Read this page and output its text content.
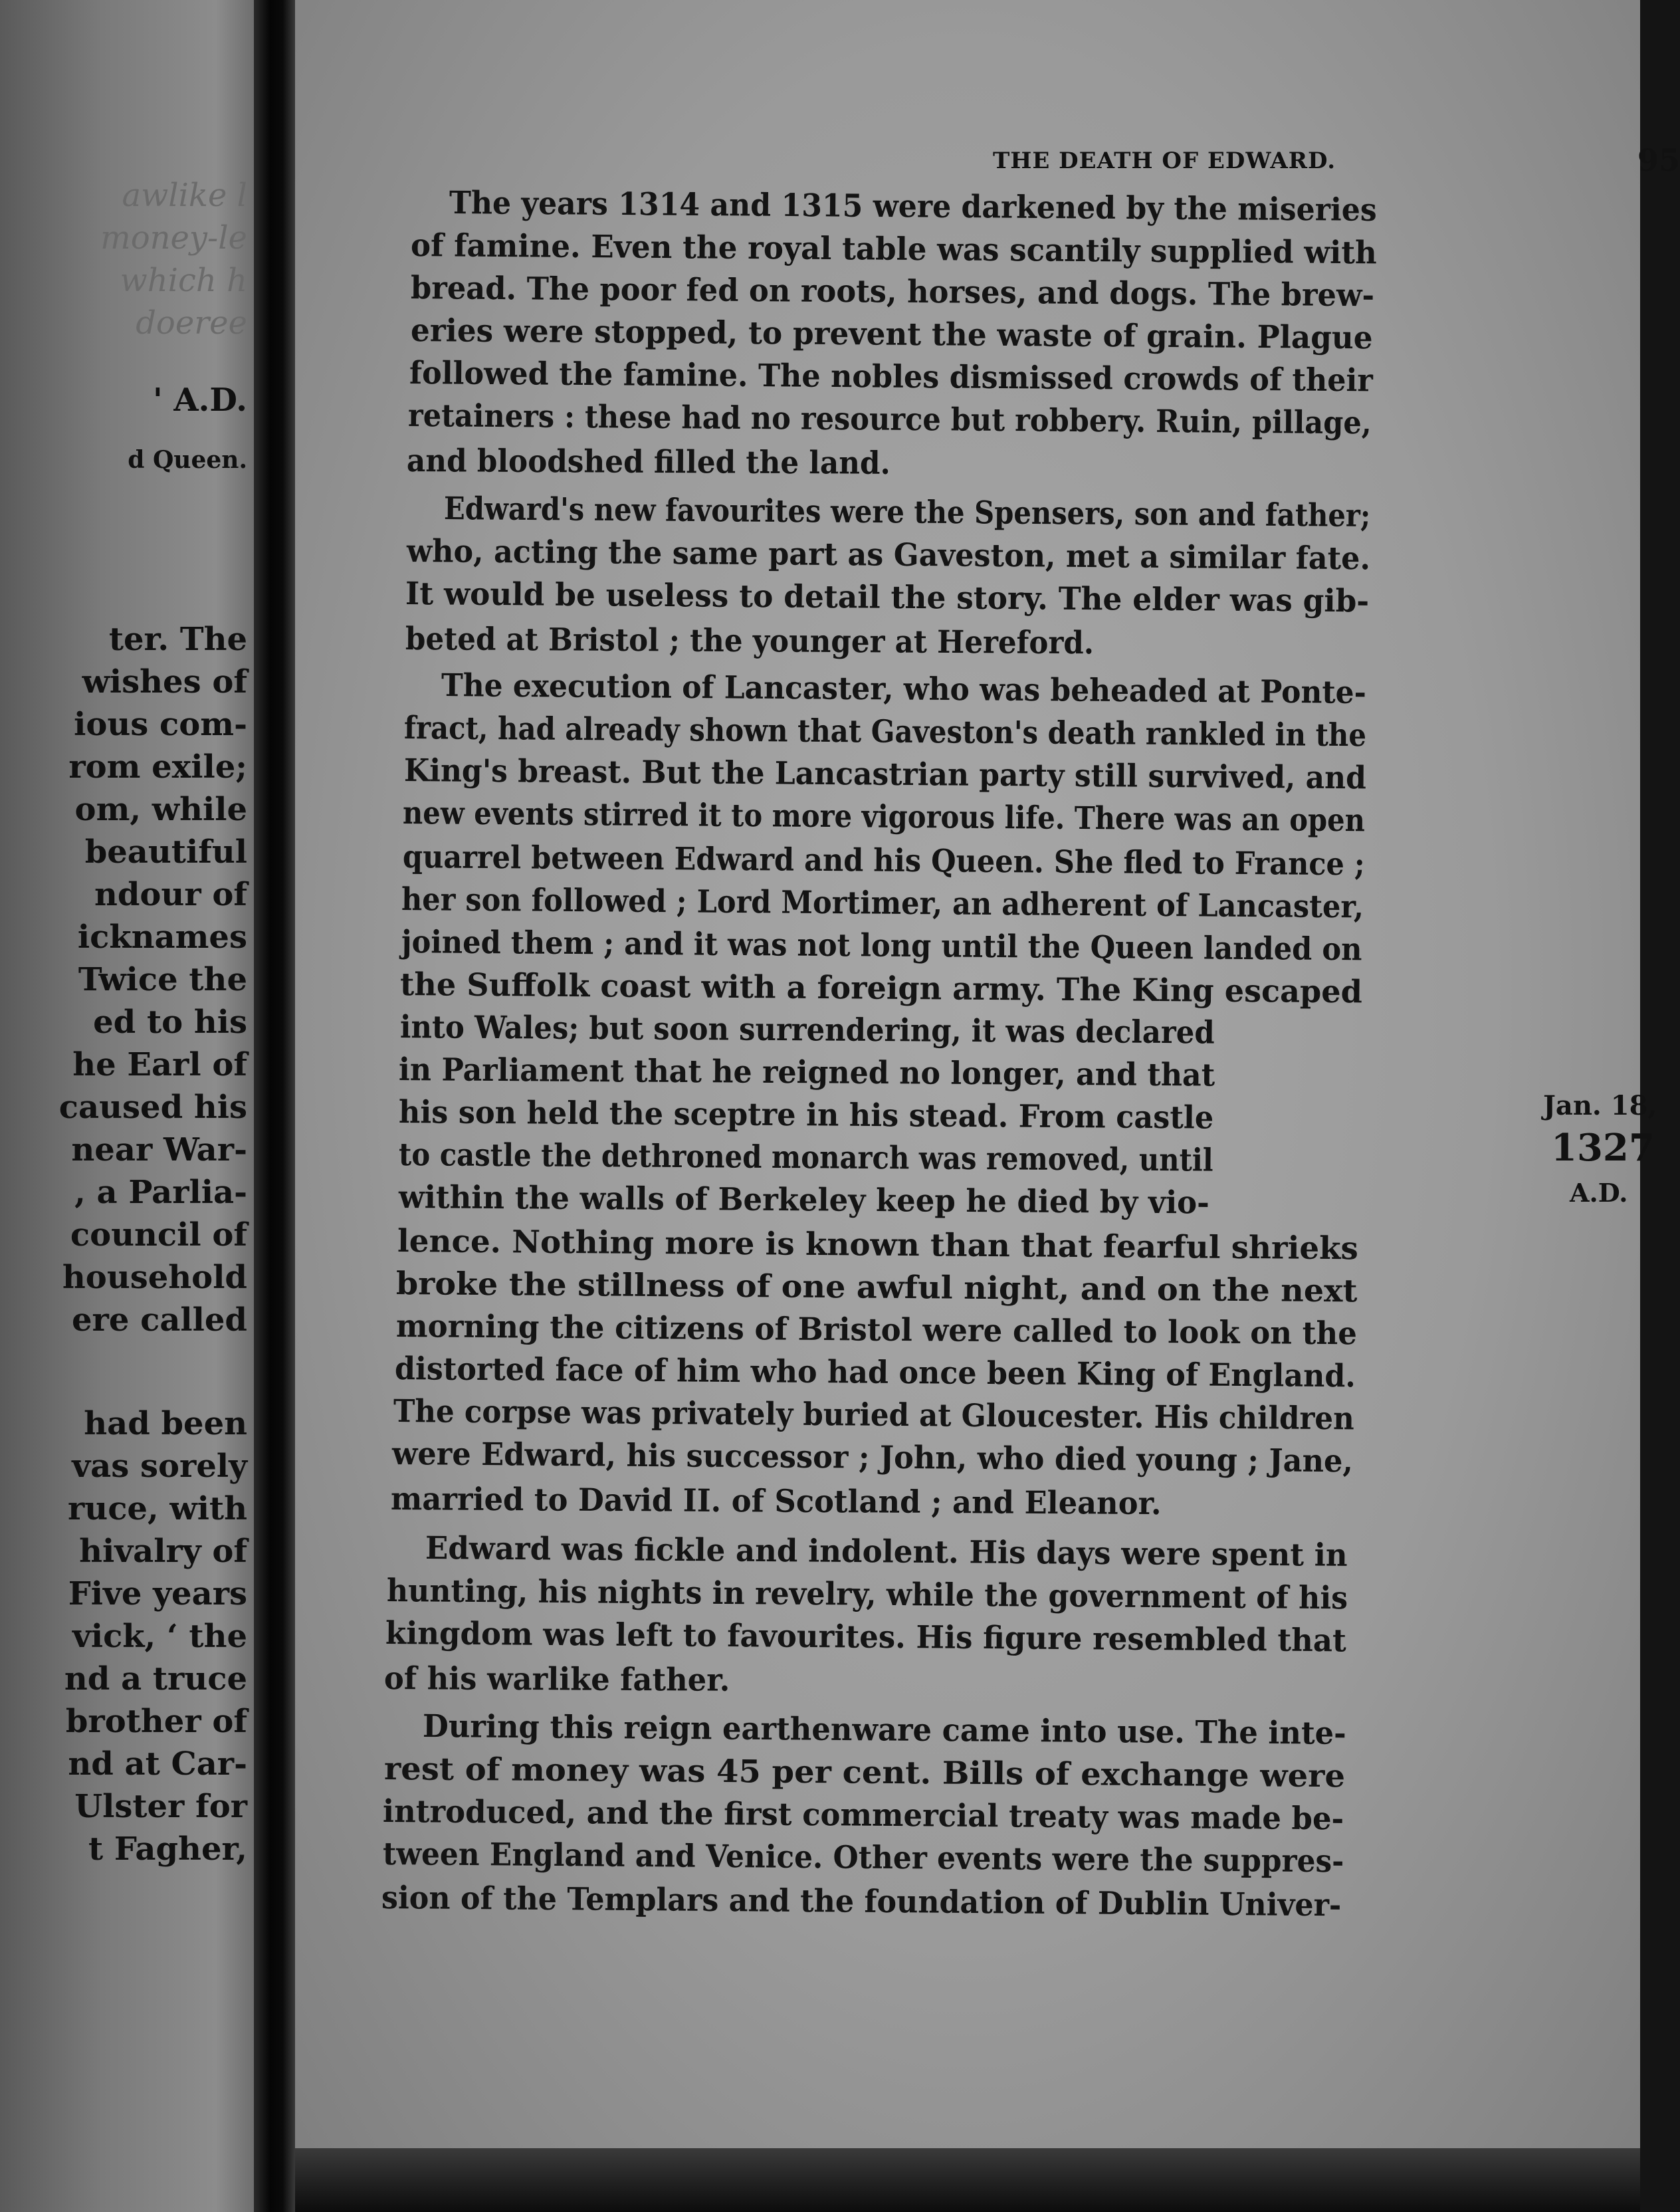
awlike l
money-le
which h
doeree
' A.D.
d Queen.
ter. The
wishes of
ious com-
rom exile;
om, while
beautiful
ndour of
icknames
Twice the
ed to his
he Earl of
caused his
near War-
, a Parlia-
council of
household
ere called
had been
vas sorely
ruce, with
hivalry of
Five years
vick, ‘ the
nd a truce
brother of
nd at Car-
Ulster for
t Fagher,
THE DEATH OF EDWARD.	95
The years 1314 and 1315 were darkened by the miseries
of famine. Even the royal table was scantily supplied with
bread. The poor fed on roots, horses, and dogs. The brew-
eries were stopped, to prevent the waste of grain. Plague
followed the famine. The nobles dismissed crowds of their
retainers : these had no resource but robbery. Ruin, pillage,
and bloodshed filled the land.
Edward's new favourites were the Spensers, son and father;
who, acting the same part as Gaveston, met a similar fate.
It would be useless to detail the story. The elder was gib-
beted at Bristol ; the younger at Hereford.
The execution of Lancaster, who was beheaded at Ponte-
fract, had already shown that Gaveston's death rankled in the
King's breast. But the Lancastrian party still survived, and
new events stirred it to more vigorous life. There was an open
quarrel between Edward and his Queen. She fled to France ;
her son followed ; Lord Mortimer, an adherent of Lancaster,
joined them ; and it was not long until the Queen landed on
the Suffolk coast with a foreign army. The King escaped
into Wales; but soon surrendering, it was declared
in Parliament that he reigned no longer, and that
his son held the sceptre in his stead. From castle
to castle the dethroned monarch was removed, until
within the walls of Berkeley keep he died by vio-
lence. Nothing more is known than that fearful shrieks
broke the stillness of one awful night, and on the next
morning the citizens of Bristol were called to look on the
distorted face of him who had once been King of England.
The corpse was privately buried at Gloucester. His children
were Edward, his successor ; John, who died young ; Jane,
married to David II. of Scotland ; and Eleanor.
Edward was fickle and indolent. His days were spent in
hunting, his nights in revelry, while the government of his
kingdom was left to favourites. His figure resembled that
of his warlike father.
During this reign earthenware came into use. The inte-
rest of money was 45 per cent. Bills of exchange were
introduced, and the first commercial treaty was made be-
tween England and Venice. Other events were the suppres-
sion of the Templars and the foundation of Dublin Univer-
Jan. 18,
1327
A.D.
